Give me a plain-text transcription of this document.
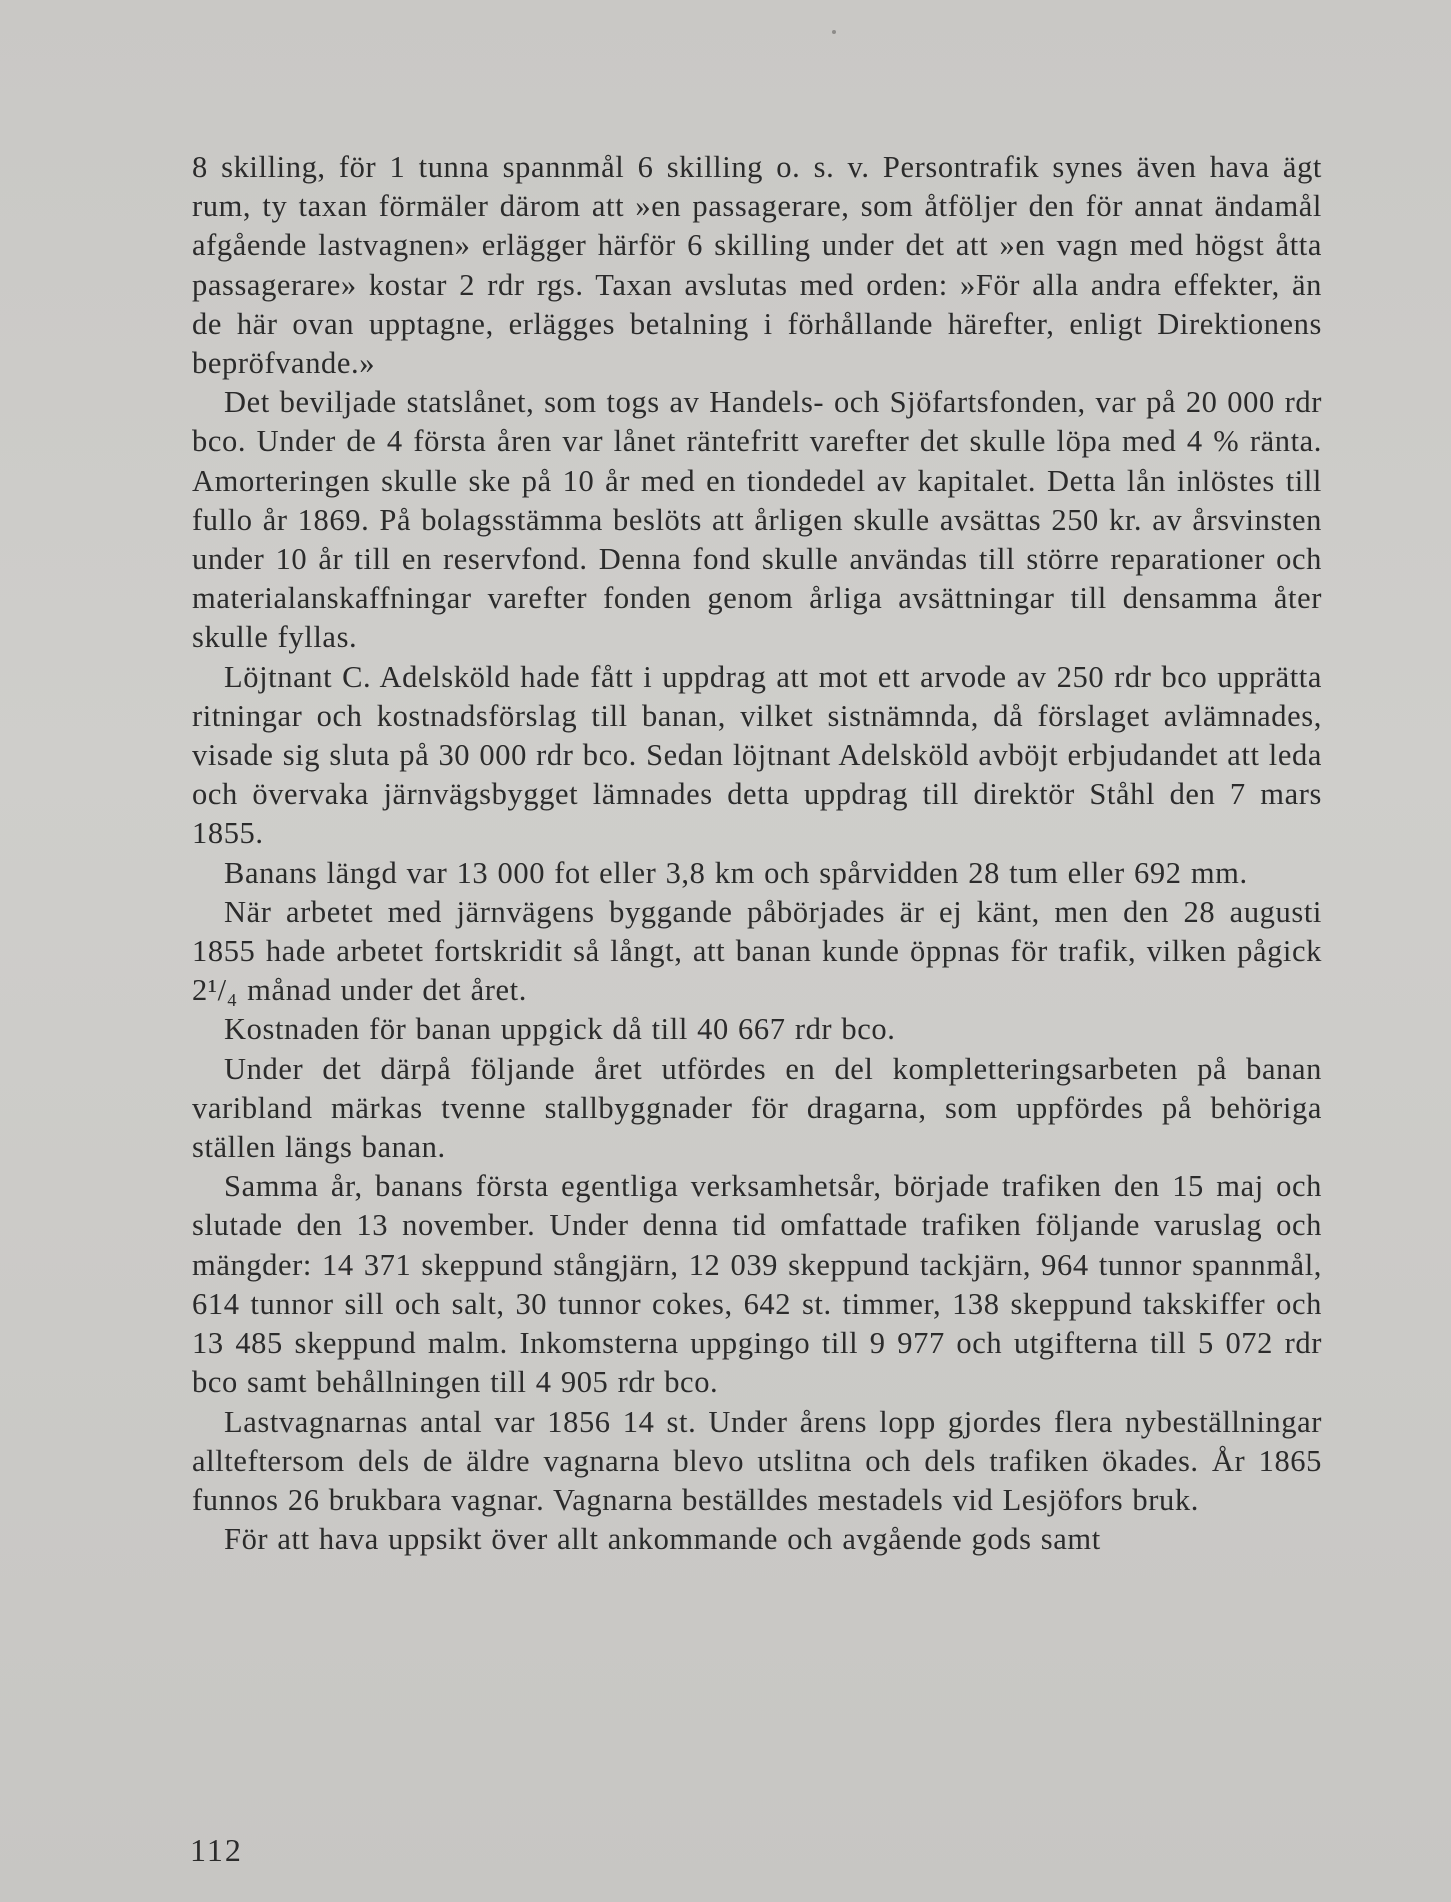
8 skilling, för 1 tunna spannmål 6 skilling o. s. v. Persontrafik synes även hava ägt rum, ty taxan förmäler därom att »en passagerare, som åtföljer den för annat ändamål afgående lastvagnen» erlägger härför 6 skilling under det att »en vagn med högst åtta passagerare» kostar 2 rdr rgs. Taxan avslutas med orden: »För alla andra effekter, än de här ovan upptagne, erlägges betalning i förhållande härefter, enligt Direktionens bepröfvande.»

Det beviljade statslånet, som togs av Handels- och Sjöfartsfonden, var på 20 000 rdr bco. Under de 4 första åren var lånet räntefritt varefter det skulle löpa med 4 % ränta. Amorteringen skulle ske på 10 år med en tiondedel av kapitalet. Detta lån inlöstes till fullo år 1869. På bolagsstämma beslöts att årligen skulle avsättas 250 kr. av årsvinsten under 10 år till en reservfond. Denna fond skulle användas till större reparationer och materialanskaffningar varefter fonden genom årliga avsättningar till densamma åter skulle fyllas.

Löjtnant C. Adelsköld hade fått i uppdrag att mot ett arvode av 250 rdr bco upprätta ritningar och kostnadsförslag till banan, vilket sistnämnda, då förslaget avlämnades, visade sig sluta på 30 000 rdr bco. Sedan löjtnant Adelsköld avböjt erbjudandet att leda och övervaka järnvägsbygget lämnades detta uppdrag till direktör Ståhl den 7 mars 1855.

Banans längd var 13 000 fot eller 3,8 km och spårvidden 28 tum eller 692 mm.

När arbetet med järnvägens byggande påbörjades är ej känt, men den 28 augusti 1855 hade arbetet fortskridit så långt, att banan kunde öppnas för trafik, vilken pågick 2¹/₄ månad under det året.

Kostnaden för banan uppgick då till 40 667 rdr bco.

Under det därpå följande året utfördes en del kompletteringsarbeten på banan varibland märkas tvenne stallbyggnader för dragarna, som uppfördes på behöriga ställen längs banan.

Samma år, banans första egentliga verksamhetsår, började trafiken den 15 maj och slutade den 13 november. Under denna tid omfattade trafiken följande varuslag och mängder: 14 371 skeppund stångjärn, 12 039 skeppund tackjärn, 964 tunnor spannmål, 614 tunnor sill och salt, 30 tunnor cokes, 642 st. timmer, 138 skeppund takskiffer och 13 485 skeppund malm. Inkomsterna uppgingo till 9 977 och utgifterna till 5 072 rdr bco samt behållningen till 4 905 rdr bco.

Lastvagnarnas antal var 1856 14 st. Under årens lopp gjordes flera nybeställningar allteftersom dels de äldre vagnarna blevo utslitna och dels trafiken ökades. År 1865 funnos 26 brukbara vagnar. Vagnarna beställdes mestadels vid Lesjöfors bruk.

För att hava uppsikt över allt ankommande och avgående gods samt

112
